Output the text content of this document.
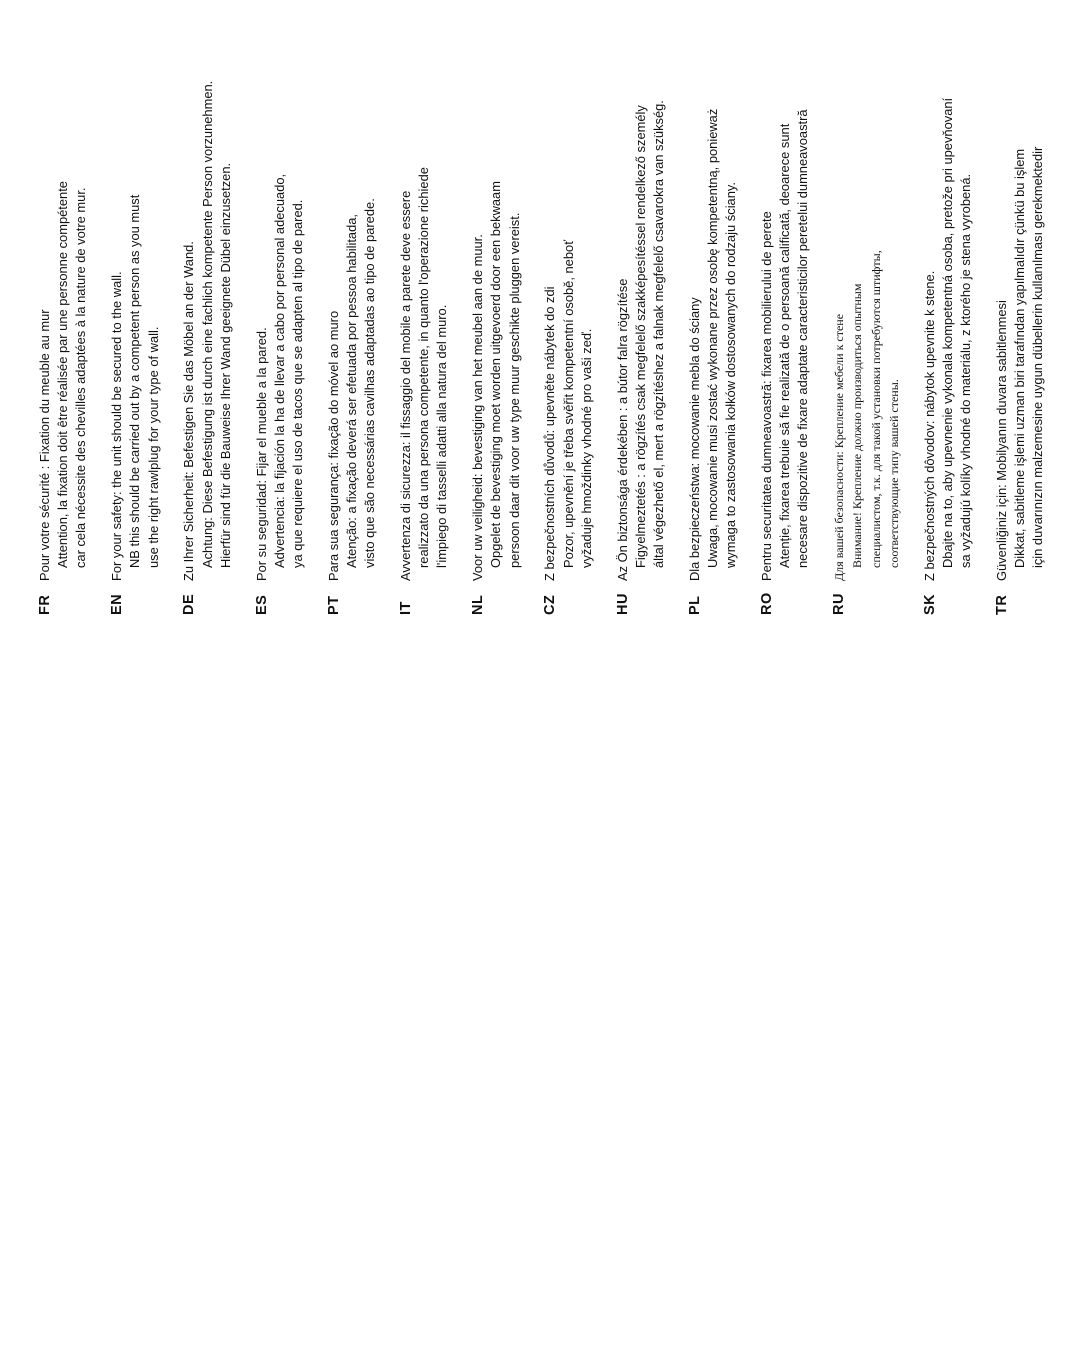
FR
Pour votre sécurité : Fixation du meuble au mur Attention, la fixation doit être réalisée par une personne compétente car cela nécessite des chevilles adaptées à la nature de votre mur.
EN
For your safety: the unit should be secured to the wall. NB this should be carried out by a competent person as you must use the right rawlplug for your type of wall.
DE
Zu Ihrer Sicherheit: Befestigen Sie das Möbel an der Wand. Achtung: Diese Befestigung ist durch eine fachlich kompetente Person vorzunehmen. Hierfür sind für die Bauweise Ihrer Wand geeignete Dübel einzusetzen.
ES
Por su seguridad: Fijar el mueble a la pared. Advertencia: la fijación la ha de llevar a cabo por personal adecuado, ya que requiere el uso de tacos que se adapten al tipo de pared.
PT
Para sua segurança: fixação do móvel ao muro Atenção: a fixação deverá ser efetuada por pessoa habilitada, visto que são necessárias cavilhas adaptadas ao tipo de parede.
IT
Avvertenza di sicurezza: il fissaggio del mobile a parete deve essere realizzato da una persona competente, in quanto l'operazione richiede l'impiego di tasselli adatti alla natura del muro.
NL
Voor uw veiligheid: bevestiging van het meubel aan de muur. Opgelet de bevestiging moet worden uitgevoerd door een bekwaam persoon daar dit voor uw type muur geschikte pluggen vereist.
CZ
Z bezpečnostních důvodů: upevněte nábytek do zdi Pozor, upevnění je třeba svěřit kompetentní osobě, neboť vyžaduje hmoždinky vhodné pro vaši zeď.
HU
Az Ön biztonsága érdekében : a bútor falra rögzítése Figyelmeztetés : a rögzítés csak megfelelő szakképesítéssel rendelkező személy által végezhető el, mert a rögzítéshez a falnak megfelelő csavarokra van szükség.
PL
Dla bezpieczeństwa: mocowanie mebla do ściany Uwaga, mocowanie musi zostać wykonane przez osobę kompetentną, ponieważ wymaga to zastosowania kołków dostosowanych do rodzaju ściany.
RO
Pentru securitatea dumneavoastră: fixarea mobilierului de perete Atenție, fixarea trebuie să fie realizată de o persoană calificată, deoarece sunt necesare dispozitive de fixare adaptate caracteristicilor peretelui dumneavoastră
RU
Для вашей безопасности: Крепление мебели к стене Внимание! Крепление должно производиться опытным специалистом, т.к. для такой установки потребуются штифты, соответствующие типу вашей стены.
SK
Z bezpečnostných dôvodov: nábytok upevnite k stene. Dbajte na to, aby upevnenie vykonala kompetentná osoba, pretože pri upevňovaní sa vyžadujú kolíky vhodné do materiálu, z ktorého je stena vyrobená.
TR
Güvenliğiniz için: Mobilyanın duvara sabitlenmesi Dikkat, sabitleme işlemi uzman biri tarafından yapılmalıdır çünkü bu işlem için duvarınızın malzemesine uygun dübellerin kullanılması gerekmektedir
